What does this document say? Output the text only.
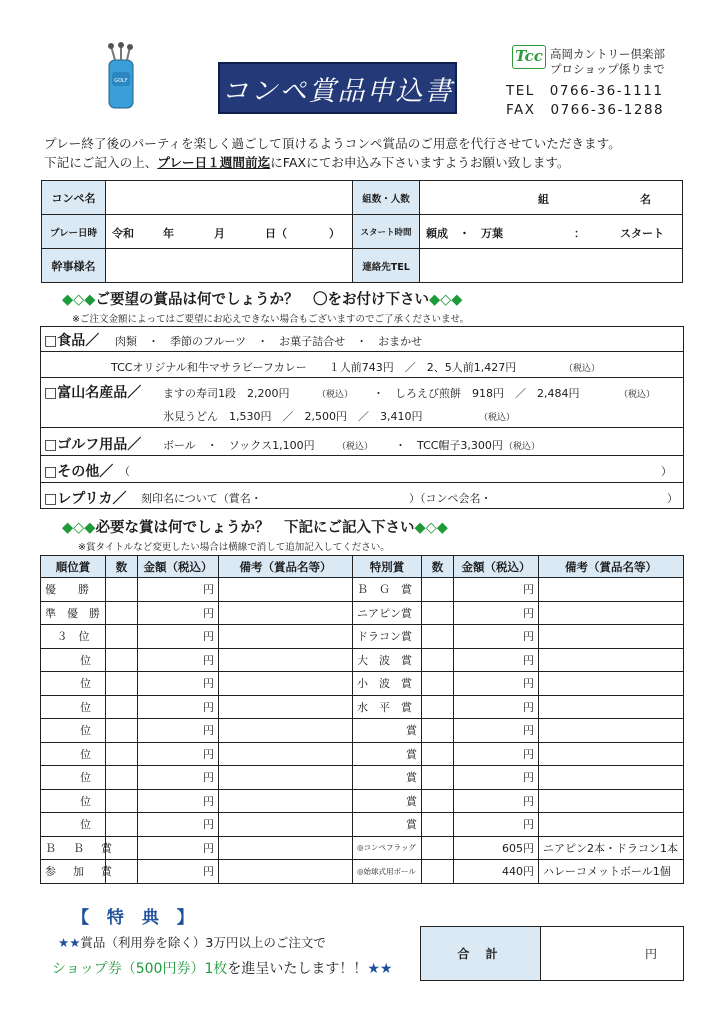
GOLF	コンペ賞品申込書
Tcc 高岡カントリー倶楽部
プロショップ係りまで
TEL　0766-36-1111
FAX　0766-36-1288
プレー終了後のパーティを楽しく過ごして頂けるようコンペ賞品のご用意を代行させていただきます。
下記にご記入の上、プレー日１週間前迄にFAXにてお申込み下さいますようお願い致します。
コンペ名		組数・人数	組 名

プレー日時	令和 年 月 日（ ）	スタート時間	頼成　・　万葉 ： スタート

幹事様名		連絡先TEL	
◆◇◆ご要望の賞品は何でしょうか？　〇をお付け下さい◆◇◆
※ご注文金額によってはご要望にお応えできない場合もございますのでご了承くださいませ。
□食品／ 肉類　・　季節のフルーツ　・　お菓子詰合せ　・　おまかせ
TCCオリジナル和牛マサラビーフカレー　　１人前743円　／　2、5人前1,427円	（税込）
□富山名産品／ ますの寿司1段　2,200円	（税込） ・　しろえび煎餅　918円　／　2,484円	（税込）
氷見うどん　1,530円　／　2,500円　／　3,410円	（税込）
□ゴルフ用品／ ボール　・　ソックス1,100円 （税込） ・　TCC帽子3,300円 （税込）
□その他／ （	）
□レプリカ／ 刻印名について（賞名・	）（コンペ会名・	）
◆◇◆必要な賞は何でしょうか？　下記にご記入下さい◆◇◆
※賞タイトルなど変更したい場合は横線で消して追加記入してください。
順位賞	数	金額（税込）	備考（賞品名等）	特別賞	数	金額（税込）	備考（賞品名等）
優　　勝		円		Ｂ　Ｇ　賞		円	
準　優　勝		円		ニアピン賞		円	
３　位		円		ドラコン賞		円	
位		円		大　波　賞		円	
位		円		小　波　賞		円	
位		円		水　平　賞		円	
位		円		賞		円	
位		円		賞		円	
位		円		賞		円	
位		円		賞		円	
位		円		賞		円	
Ｂ　Ｂ　賞		円		◎コンペフラッグ		605円	ニアピン2本・ドラコン1本
参　加　賞		円		◎始球式用ボール		440円	ハレーコメットボール1個
【 特 典 】
★★賞品（利用券を除く）3万円以上のご注文で
ショップ券（500円券）1枚を進呈いたします！！★★
合 計	円
